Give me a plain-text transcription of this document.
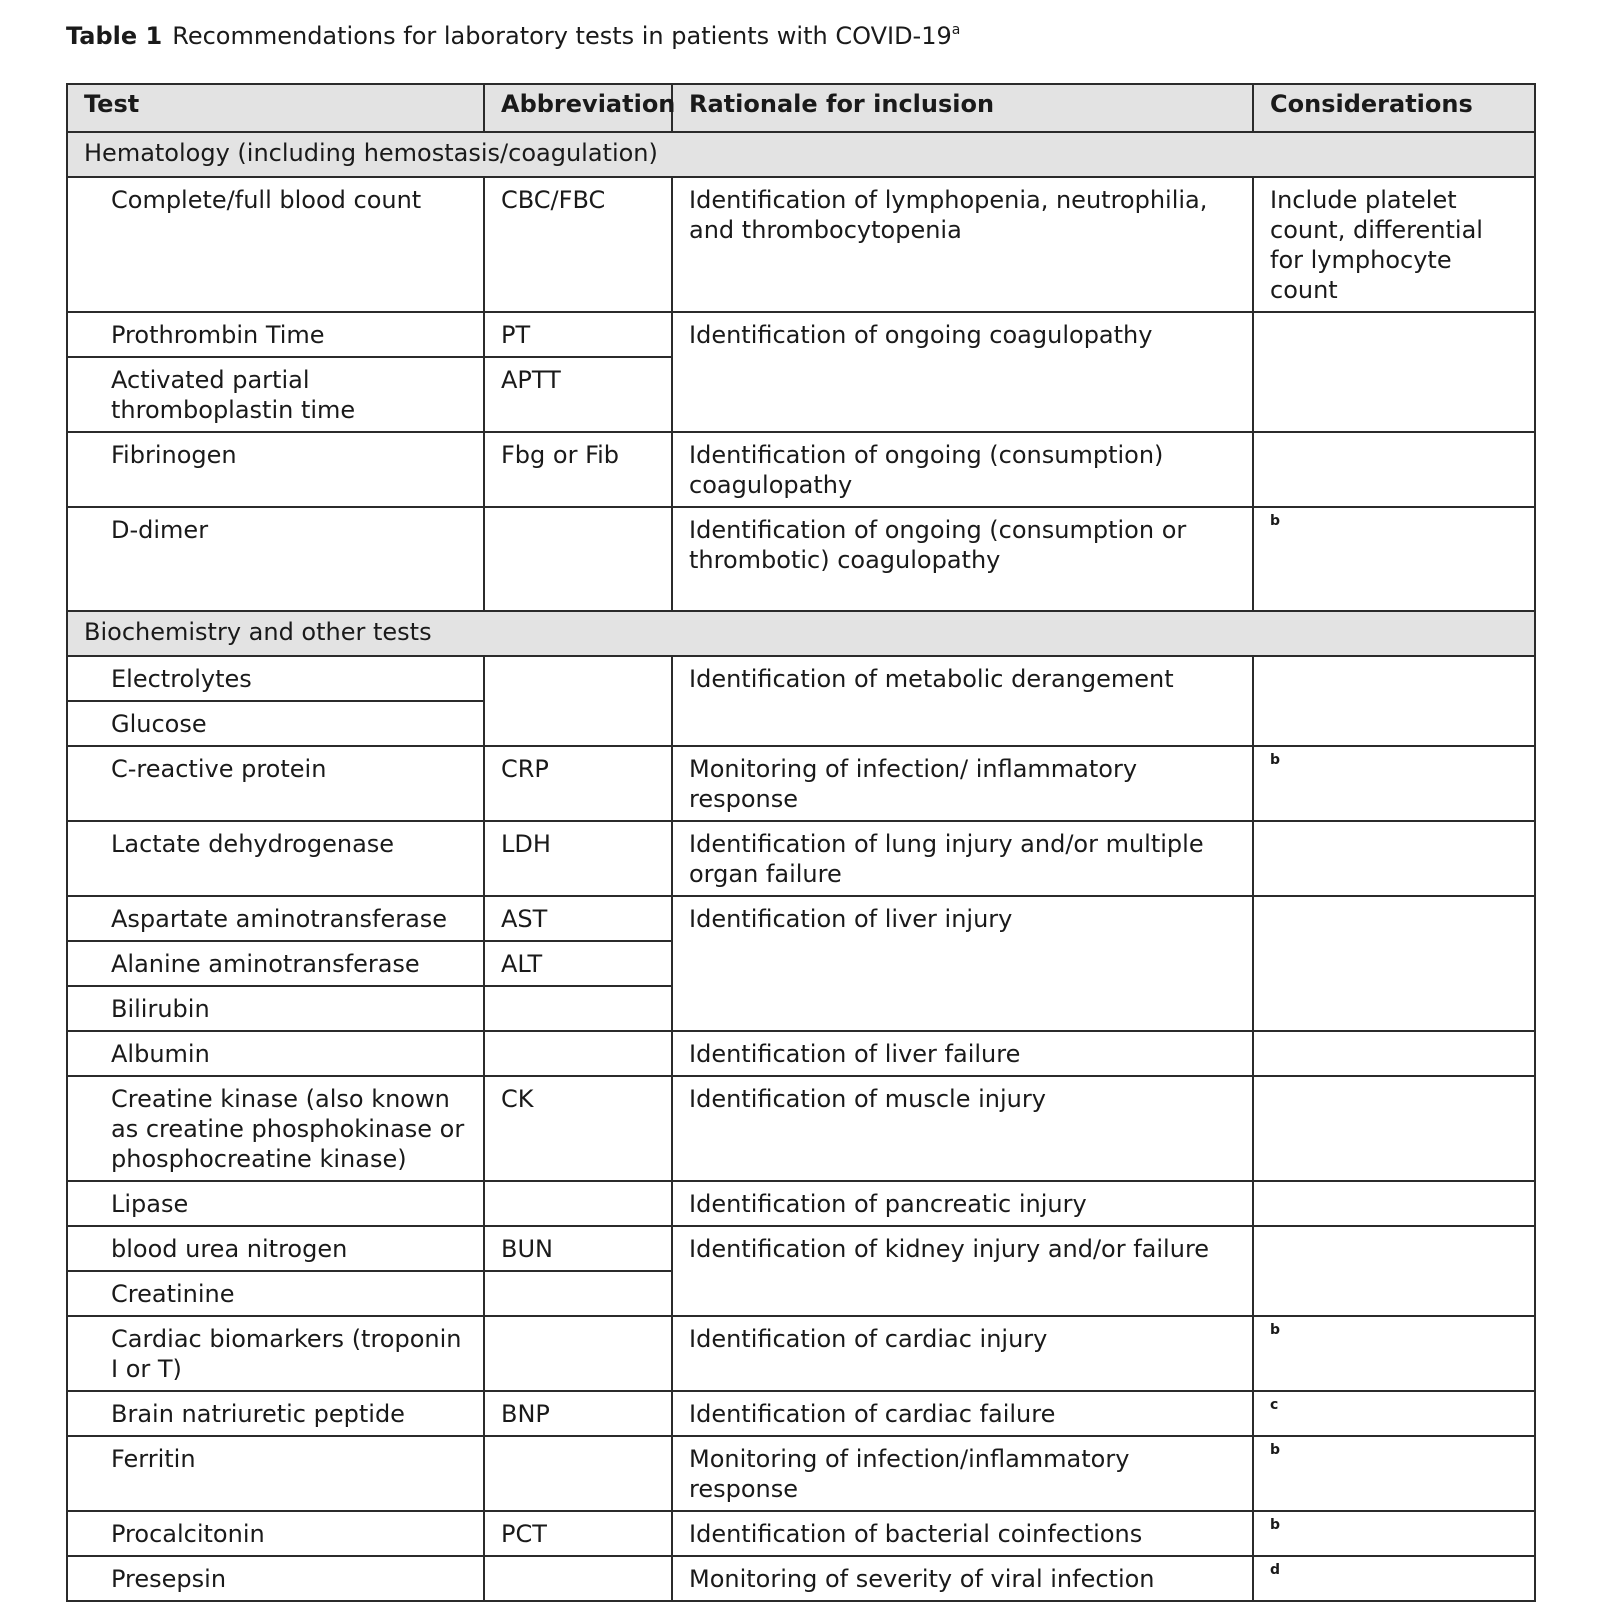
Table 1 Recommendations for laboratory tests in patients with COVID-19$^a$
Test	Abbreviation	Rationale for inclusion	Considerations
Hematology (including hemostasis/coagulation)			
Complete/full blood count	CBC/FBC	Identification of lymphopenia, neutrophilia, and thrombocytopenia	Include platelet count, differential for lymphocyte count
Prothrombin Time	PT	Identification of ongoing coagulopathy	
Activated partial thromboplastin time	APTT		
Fibrinogen	Fbg or Fib	Identification of ongoing (consumption) coagulopathy	
D-dimer		Identification of ongoing (consumption or thrombotic) coagulopathy	$^b$
Biochemistry and other tests			
Electrolytes		Identification of metabolic derangement	
Glucose			
C-reactive protein	CRP	Monitoring of infection/ inflammatory response	$^b$
Lactate dehydrogenase	LDH	Identification of lung injury and/or multiple organ failure	
Aspartate aminotransferase	AST	Identification of liver injury	
Alanine aminotransferase	ALT		
Bilirubin			
Albumin		Identification of liver failure	
Creatine kinase (also known as creatine phosphokinase or phosphocreatine kinase)	CK	Identification of muscle injury	
Lipase		Identification of pancreatic injury	
blood urea nitrogen	BUN	Identification of kidney injury and/or failure	
Creatinine			
Cardiac biomarkers (troponin I or T)		Identification of cardiac injury	$^b$
Brain natriuretic peptide	BNP	Identification of cardiac failure	$^c$
Ferritin		Monitoring of infection/inflammatory response	$^b$
Procalcitonin	PCT	Identification of bacterial coinfections	$^b$
Presepsin		Monitoring of severity of viral infection	$^d$
